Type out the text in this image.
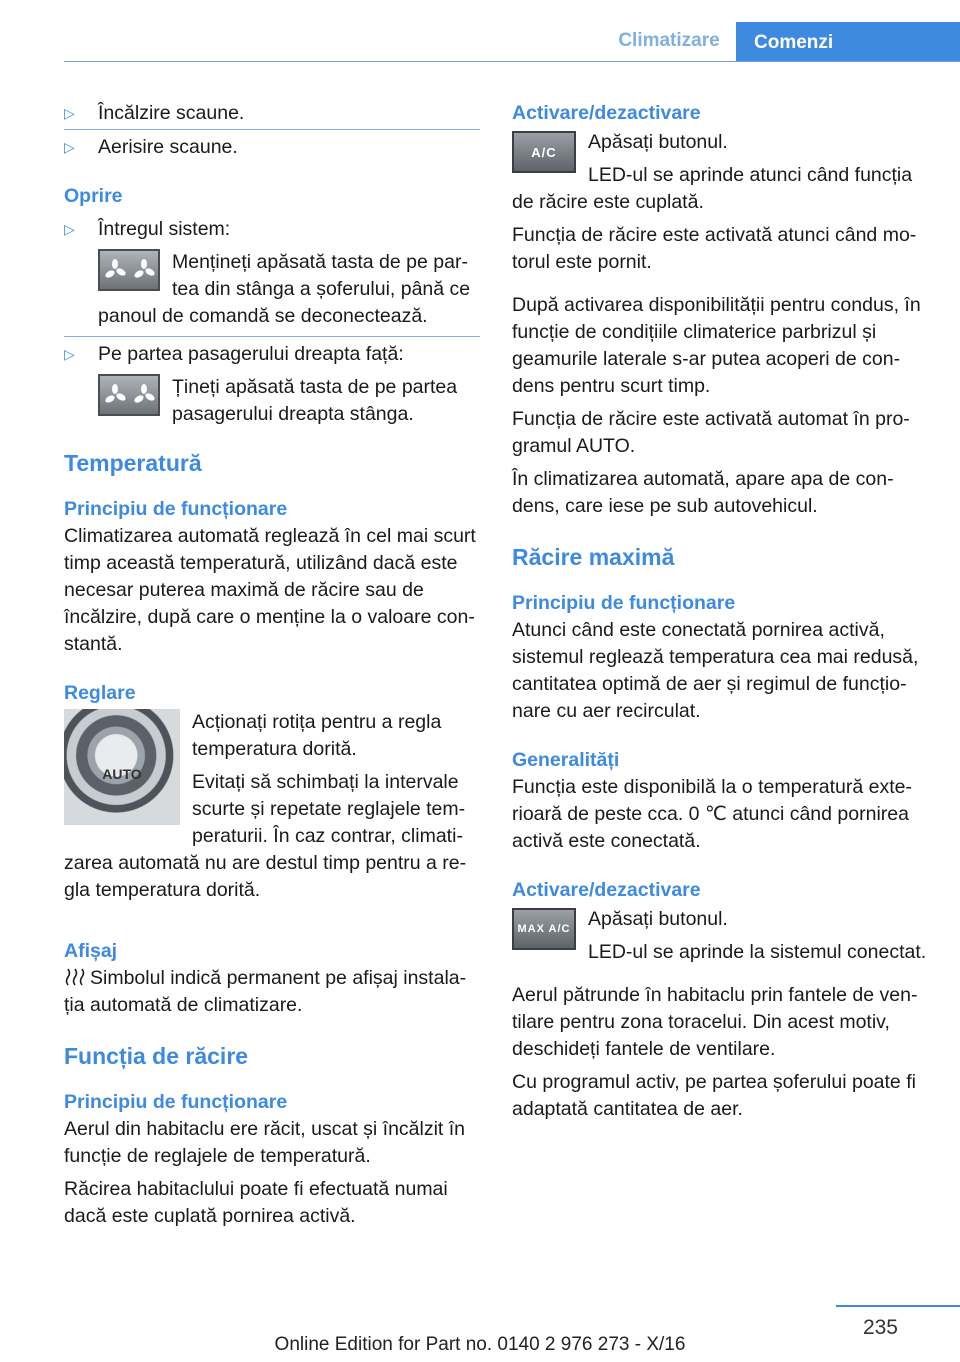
Climatizare	Comenzi
▷	Încălzire scaune.
▷	Aerisire scaune.

Oprire

▷	Întregul sistem:

Mențineți apăsată tasta de pe partea din stânga a șoferului, până ce panoul de comandă se deconectează.

▷	Pe partea pasagerului dreapta față:

Țineți apăsată tasta de pe partea pasagerului dreapta stânga.

Temperatură

Principiu de funcționare

Climatizarea automată reglează în cel mai scurt timp această temperatură, utilizând dacă este necesar puterea maximă de răcire sau de încălzire, după care o menține la o valoare constantă.

Reglare

AUTO

Acționați rotița pentru a regla temperatura dorită.

Evitați să schimbați la intervale scurte și repetate reglajele temperaturii. În caz contrar, climatizarea automată nu are destul timp pentru a regla temperatura dorită.

Afișaj

Simbolul indică permanent pe afișaj instalația automată de climatizare.

Funcția de răcire

Principiu de funcționare

Aerul din habitaclu ere răcit, uscat și încălzit în funcție de reglajele de temperatură.

Răcirea habitaclului poate fi efectuată numai dacă este cuplată pornirea activă.

Activare/dezactivare

A/C	Apăsați butonul.

LED-ul se aprinde atunci când funcția de răcire este cuplată.

Funcția de răcire este activată atunci când motorul este pornit.

După activarea disponibilității pentru condus, în funcție de condițiile climaterice parbrizul și geamurile laterale s-ar putea acoperi de condens pentru scurt timp.

Funcția de răcire este activată automat în programul AUTO.

În climatizarea automată, apare apa de condens, care iese pe sub autovehicul.

Răcire maximă

Principiu de funcționare

Atunci când este conectată pornirea activă, sistemul reglează temperatura cea mai redusă, cantitatea optimă de aer și regimul de funcționare cu aer recirculat.

Generalități

Funcția este disponibilă la o temperatură exterioară de peste cca. 0 ℃ atunci când pornirea activă este conectată.

Activare/dezactivare

MAX A/C Apăsați butonul.

LED-ul se aprinde la sistemul conectat.

Aerul pătrunde în habitaclu prin fantele de ventilare pentru zona toracelui. Din acest motiv, deschideți fantele de ventilare.

Cu programul activ, pe partea șoferului poate fi adaptată cantitatea de aer.

235
Online Edition for Part no. 0140 2 976 273 - X/16
